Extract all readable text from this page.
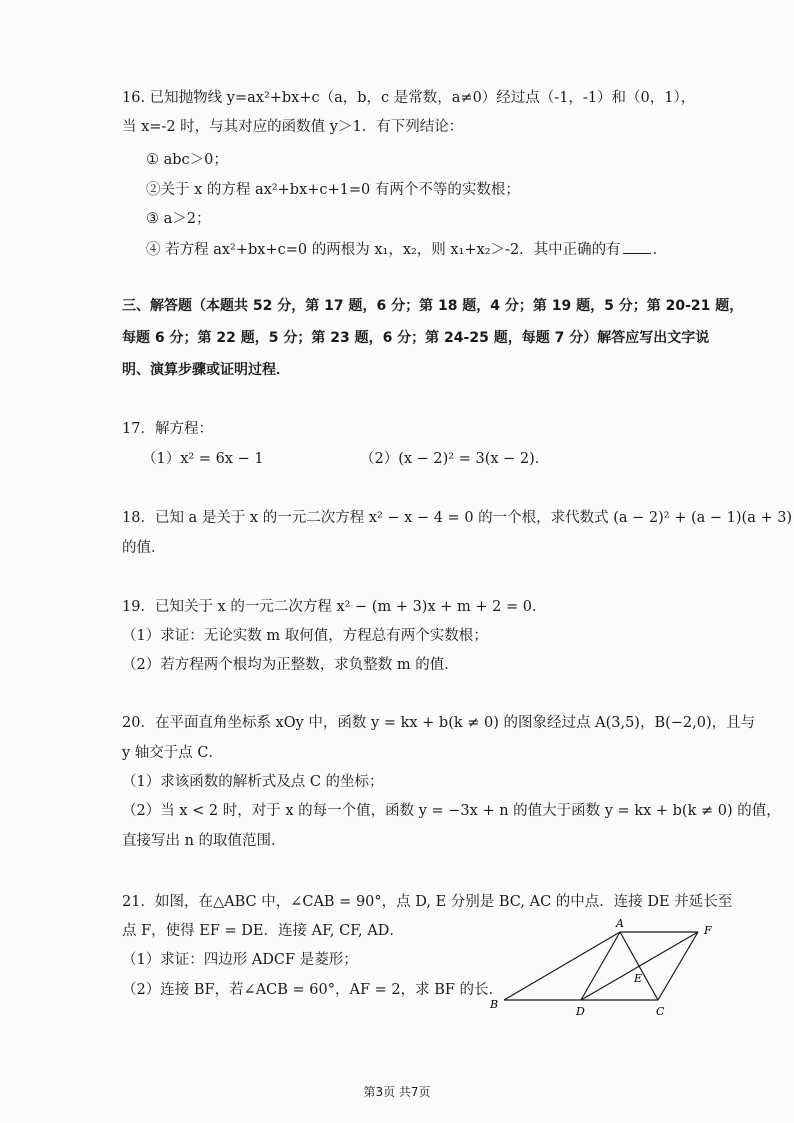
16. 已知抛物线 y=ax²+bx+c（a，b，c 是常数，a≠0）经过点（-1，-1）和（0，1），
当 x=-2 时，与其对应的函数值 y＞1．有下列结论：
① abc＞0；
②关于 x 的方程 ax²+bx+c+1=0 有两个不等的实数根；
③ a＞2；
④ 若方程 ax²+bx+c=0 的两根为 x₁，x₂，则 x₁+x₂＞-2．其中正确的有 ．
三、解答题（本题共 52 分，第 17 题，6 分；第 18 题，4 分；第 19 题，5 分；第 20-21 题，
每题 6 分；第 22 题，5 分；第 23 题，6 分；第 24-25 题，每题 7 分）解答应写出文字说
明、演算步骤或证明过程．
17．解方程：
（1）x² = 6x − 1	（2）(x − 2)² = 3(x − 2)．
18．已知 a 是关于 x 的一元二次方程 x² − x − 4 = 0 的一个根，求代数式 (a − 2)² + (a − 1)(a + 3)
的值．
19．已知关于 x 的一元二次方程 x² − (m + 3)x + m + 2 = 0．
（1）求证：无论实数 m 取何值，方程总有两个实数根；
（2）若方程两个根均为正整数，求负整数 m 的值．
20．在平面直角坐标系 xOy 中，函数 y = kx + b(k ≠ 0) 的图象经过点 A(3,5)，B(−2,0)，且与
y 轴交于点 C．
（1）求该函数的解析式及点 C 的坐标；
（2）当 x < 2 时，对于 x 的每一个值，函数 y = −3x + n 的值大于函数 y = kx + b(k ≠ 0) 的值，
直接写出 n 的取值范围．
21．如图，在△ABC 中，∠CAB = 90°，点 D, E 分别是 BC, AC 的中点．连接 DE 并延长至
点 F，使得 EF = DE．连接 AF, CF, AD．
（1）求证：四边形 ADCF 是菱形；
（2）连接 BF，若∠ACB = 60°，AF = 2，求 BF 的长．
A
B
C
D
E
F
第3页 共7页
